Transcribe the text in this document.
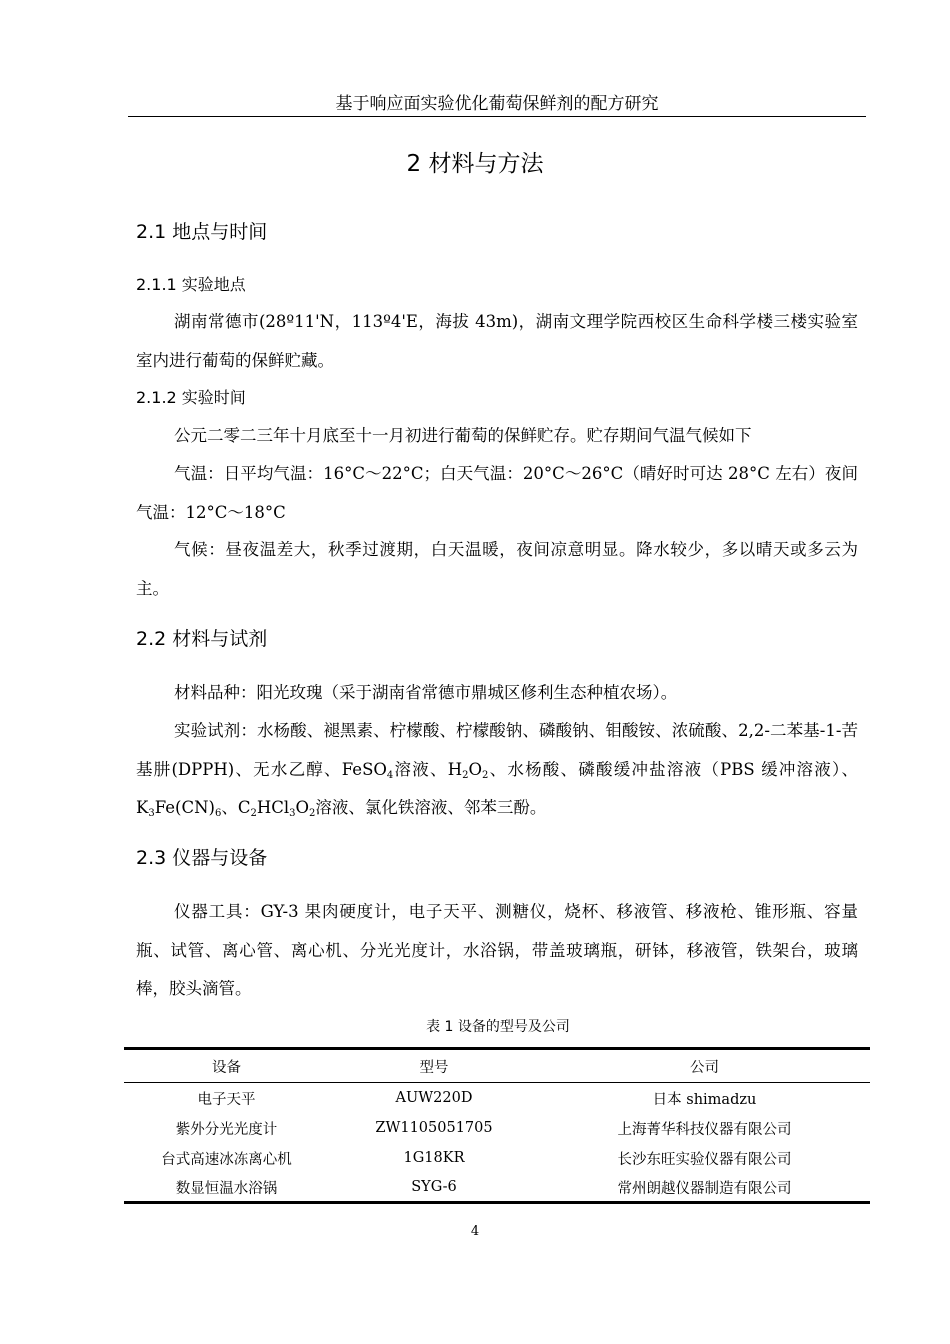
基于响应面实验优化葡萄保鲜剂的配方研究
2 材料与方法
2.1 地点与时间
2.1.1 实验地点

湖南常德市(28º11'N，113º4'E，海拔 43m)，湖南文理学院西校区生命科学楼三楼实验室室内进行葡萄的保鲜贮藏。

2.1.2 实验时间

公元二零二三年十月底至十一月初进行葡萄的保鲜贮存。贮存期间气温气候如下

气温：日平均气温：16°C～22°C；白天气温：20°C～26°C（晴好时可达 28°C 左右）夜间气温：12°C～18°C

气候：昼夜温差大，秋季过渡期，白天温暖，夜间凉意明显。降水较少，多以晴天或多云为主。

2.2 材料与试剂

材料品种：阳光玫瑰（采于湖南省常德市鼎城区修利生态种植农场）。

实验试剂：水杨酸、褪黑素、柠檬酸、柠檬酸钠、磷酸钠、钼酸铵、浓硫酸、2,2-二苯基-1-苦基肼(DPPH)、无水乙醇、FeSO$_4$溶液、$H_2O_2$、水杨酸、磷酸缓冲盐溶液（PBS 缓冲溶液）、$K_3Fe(CN)_6$、$C_2HCl_3O_2$溶液、氯化铁溶液、邻苯三酚。

2.3 仪器与设备

仪器工具：GY-3 果肉硬度计，电子天平、测糖仪，烧杯、移液管、移液枪、锥形瓶、容量瓶、试管、离心管、离心机、分光光度计，水浴锅，带盖玻璃瓶，研钵，移液管，铁架台，玻璃棒，胶头滴管。

表 1 设备的型号及公司
设备	型号	公司
电子天平	AUW220D	日本 shimadzu
紫外分光光度计	ZW1105051705	上海菁华科技仪器有限公司
台式高速冰冻离心机	1G18KR	长沙东旺实验仪器有限公司
数显恒温水浴锅	SYG-6	常州朗越仪器制造有限公司
4
